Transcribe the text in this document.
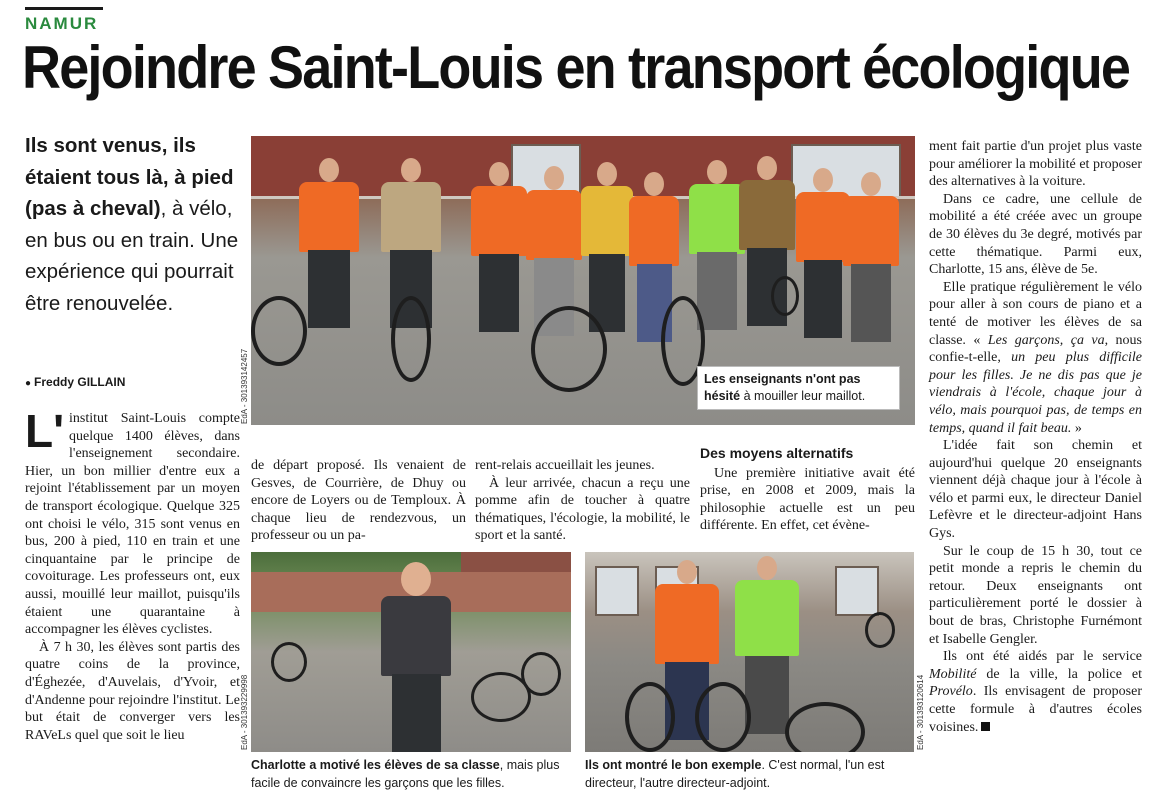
NAMUR
Rejoindre Saint-Louis en transport écologique
Ils sont venus, ils étaient tous là, à pied (pas à cheval), à vélo, en bus ou en train. Une expérience qui pourrait être renouvelée.
● Freddy GILLAIN

L' institut Saint-Louis compte quelque 1400 élèves, dans l'enseignement secondaire. Hier, un bon millier d'entre eux a rejoint l'établissement par un moyen de transport écologique. Quelque 325 ont choisi le vélo, 315 sont venus en bus, 200 à pied, 110 en train et une cinquantaine par le principe de covoiturage. Les professeurs ont, eux aussi, mouillé leur maillot, puisqu'ils étaient une quarantaine à accompagner les élèves cyclistes.

À 7 h 30, les élèves sont partis des quatre coins de la province, d'Éghezée, d'Auvelais, d'Yvoir, et d'Andenne pour rejoindre l'institut. Le but était de converger vers les RAVeLs quel que soit le lieu

de départ proposé. Ils venaient de Gesves, de Courrière, de Dhuy ou encore de Loyers ou de Temploux. À chaque lieu de rendezvous, un professeur ou un pa-

rent-relais accueillait les jeunes.

À leur arrivée, chacun a reçu une pomme afin de toucher à quatre thématiques, l'écologie, la mobilité, le sport et la santé.

Des moyens alternatifs

Une première initiative avait été prise, en 2008 et 2009, mais la philosophie actuelle est un peu différente. En effet, cet évène-

ment fait partie d'un projet plus vaste pour améliorer la mobilité et proposer des alternatives à la voiture.

Dans ce cadre, une cellule de mobilité a été créée avec un groupe de 30 élèves du 3e degré, motivés par cette thématique. Parmi eux, Charlotte, 15 ans, élève de 5e.

Elle pratique régulièrement le vélo pour aller à son cours de piano et a tenté de motiver les élèves de sa classe. « Les garçons, ça va, nous confie-t-elle, un peu plus difficile pour les filles. Je ne dis pas que je viendrais à l'école, chaque jour à vélo, mais pourquoi pas, de temps en temps, quand il fait beau. »

L'idée fait son chemin et aujourd'hui quelque 20 enseignants viennent déjà chaque jour à l'école à vélo et parmi eux, le directeur Daniel Lefèvre et le directeur-adjoint Hans Gys.

Sur le coup de 15 h 30, tout ce petit monde a repris le chemin du retour. Deux enseignants ont particulièrement porté le dossier à bout de bras, Christophe Furnémont et Isabelle Gengler.

Ils ont été aidés par le service Mobilité de la ville, la police et Provélo. Ils envisagent de proposer cette formule à d'autres écoles voisines.

EdA - 301393142457	Les enseignants n'ont pas hésité à mouiller leur maillot.
EdA - 301393229998
Charlotte a motivé les élèves de sa classe, mais plus facile de convaincre les garçons que les filles.
EdA - 301393120614
Ils ont montré le bon exemple. C'est normal, l'un est directeur, l'autre directeur-adjoint.
